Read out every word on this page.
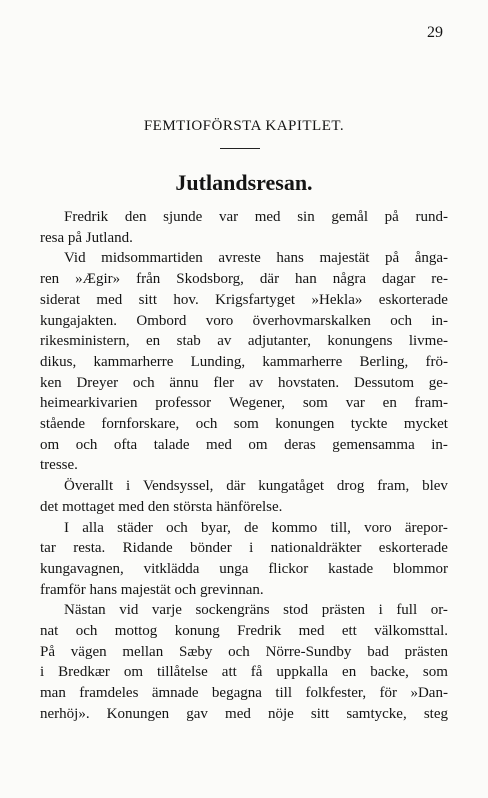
29
FEMTIOFÖRSTA KAPITLET.
Jutlandsresan.
Fredrik den sjunde var med sin gemål på rund-
resa på Jutland.
Vid midsommartiden avreste hans majestät på ånga-
ren »Ægir» från Skodsborg, där han några dagar re-
siderat med sitt hov. Krigsfartyget »Hekla» eskorterade
kungajakten. Ombord voro överhovmarskalken och in-
rikesministern, en stab av adjutanter, konungens livme-
dikus, kammarherre Lunding, kammarherre Berling, frö-
ken Dreyer och ännu fler av hovstaten. Dessutom ge-
heimearkivarien professor Wegener, som var en fram-
stående fornforskare, och som konungen tyckte mycket
om och ofta talade med om deras gemensamma in-
tresse.
Överallt i Vendsyssel, där kungatåget drog fram, blev
det mottaget med den största hänförelse.
I alla städer och byar, de kommo till, voro ärepor-
tar resta. Ridande bönder i nationaldräkter eskorterade
kungavagnen, vitklädda unga flickor kastade blommor
framför hans majestät och grevinnan.
Nästan vid varje sockengräns stod prästen i full or-
nat och mottog konung Fredrik med ett välkomsttal.
På vägen mellan Sæby och Nörre-Sundby bad prästen
i Bredkær om tillåtelse att få uppkalla en backe, som
man framdeles ämnade begagna till folkfester, för »Dan-
nerhöj». Konungen gav med nöje sitt samtycke, steg
